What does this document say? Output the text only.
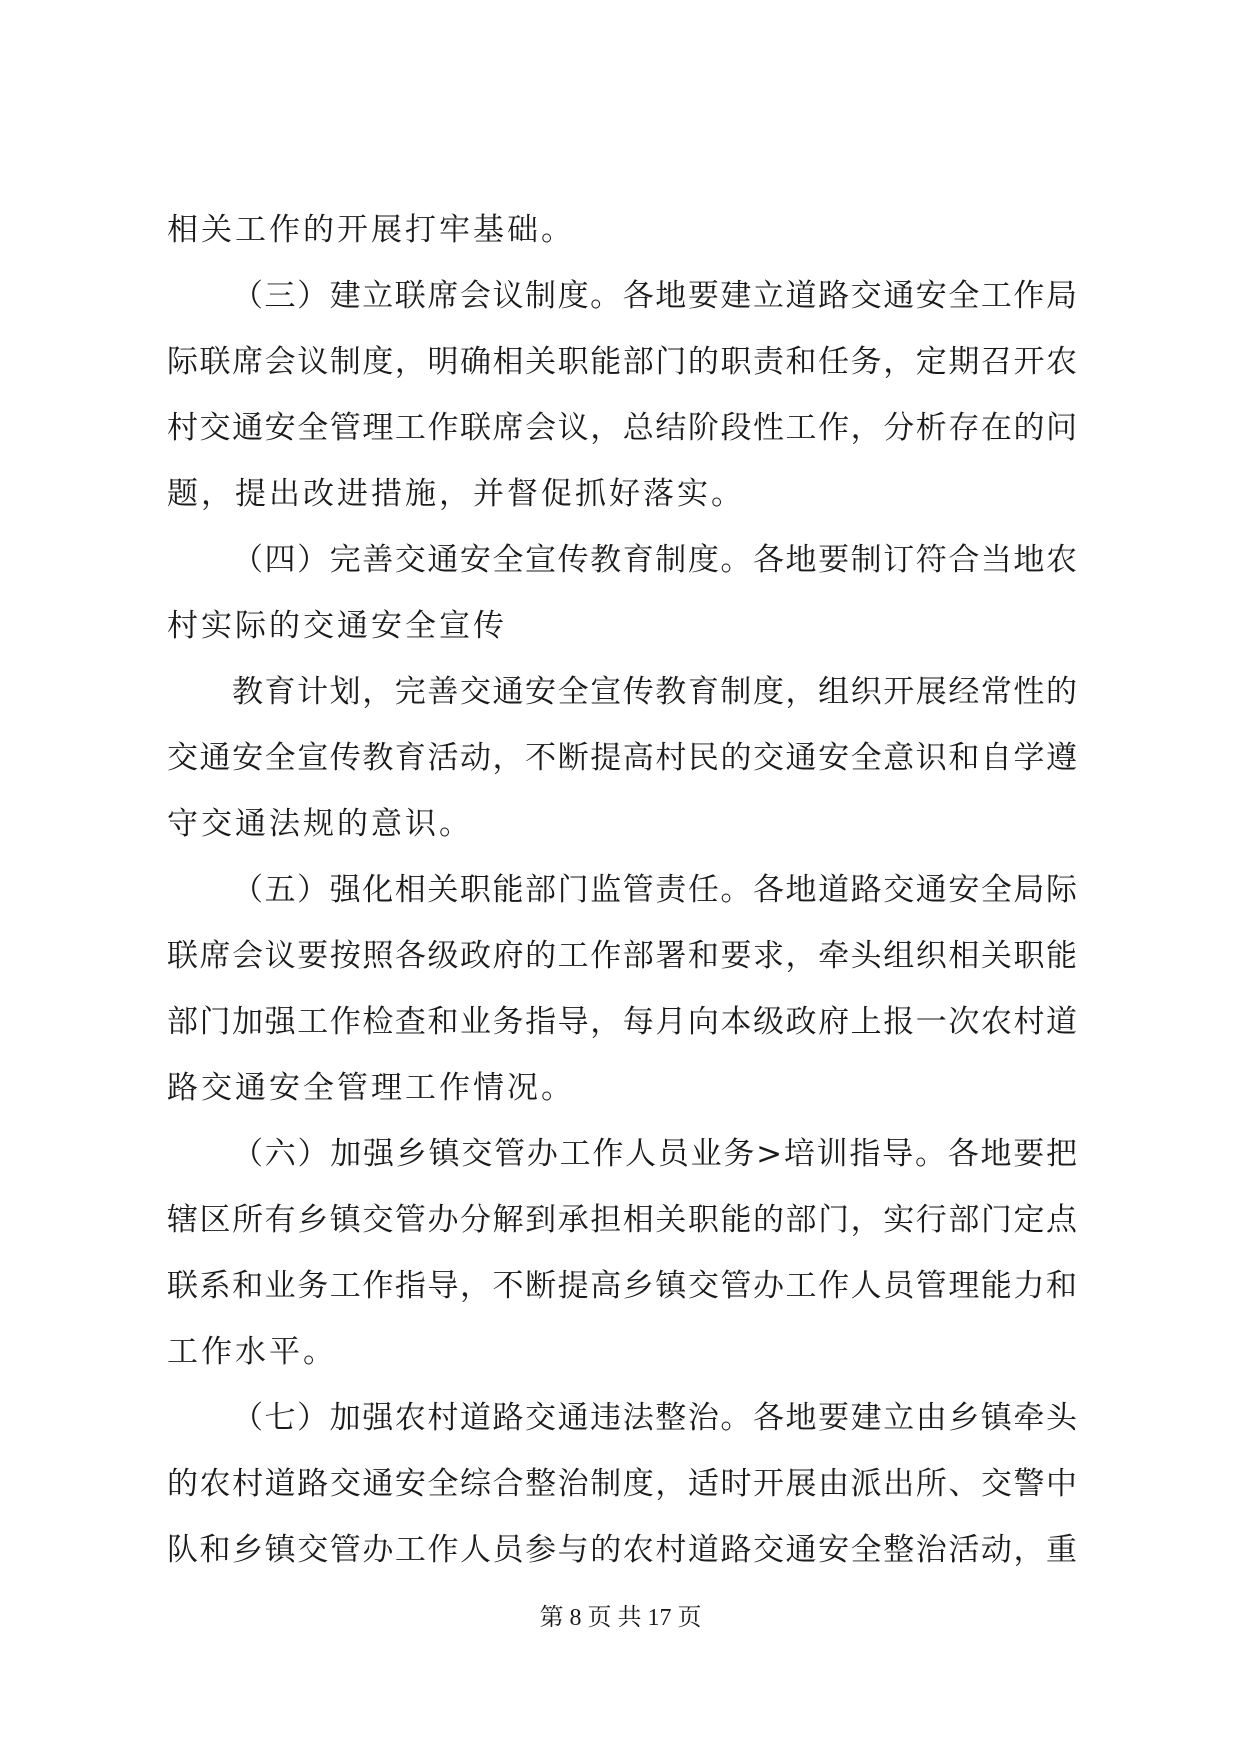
相关工作的开展打牢基础。
（三）建立联席会议制度。各地要建立道路交通安全工作局
际联席会议制度，明确相关职能部门的职责和任务，定期召开农
村交通安全管理工作联席会议，总结阶段性工作，分析存在的问
题，提出改进措施，并督促抓好落实。
（四）完善交通安全宣传教育制度。各地要制订符合当地农
村实际的交通安全宣传
教育计划，完善交通安全宣传教育制度，组织开展经常性的
交通安全宣传教育活动，不断提高村民的交通安全意识和自学遵
守交通法规的意识。
（五）强化相关职能部门监管责任。各地道路交通安全局际
联席会议要按照各级政府的工作部署和要求，牵头组织相关职能
部门加强工作检查和业务指导，每月向本级政府上报一次农村道
路交通安全管理工作情况。
（六）加强乡镇交管办工作人员业务>培训指导。各地要把
辖区所有乡镇交管办分解到承担相关职能的部门，实行部门定点
联系和业务工作指导，不断提高乡镇交管办工作人员管理能力和
工作水平。
（七）加强农村道路交通违法整治。各地要建立由乡镇牵头
的农村道路交通安全综合整治制度，适时开展由派出所、交警中
队和乡镇交管办工作人员参与的农村道路交通安全整治活动，重
第 8 页 共 17 页
